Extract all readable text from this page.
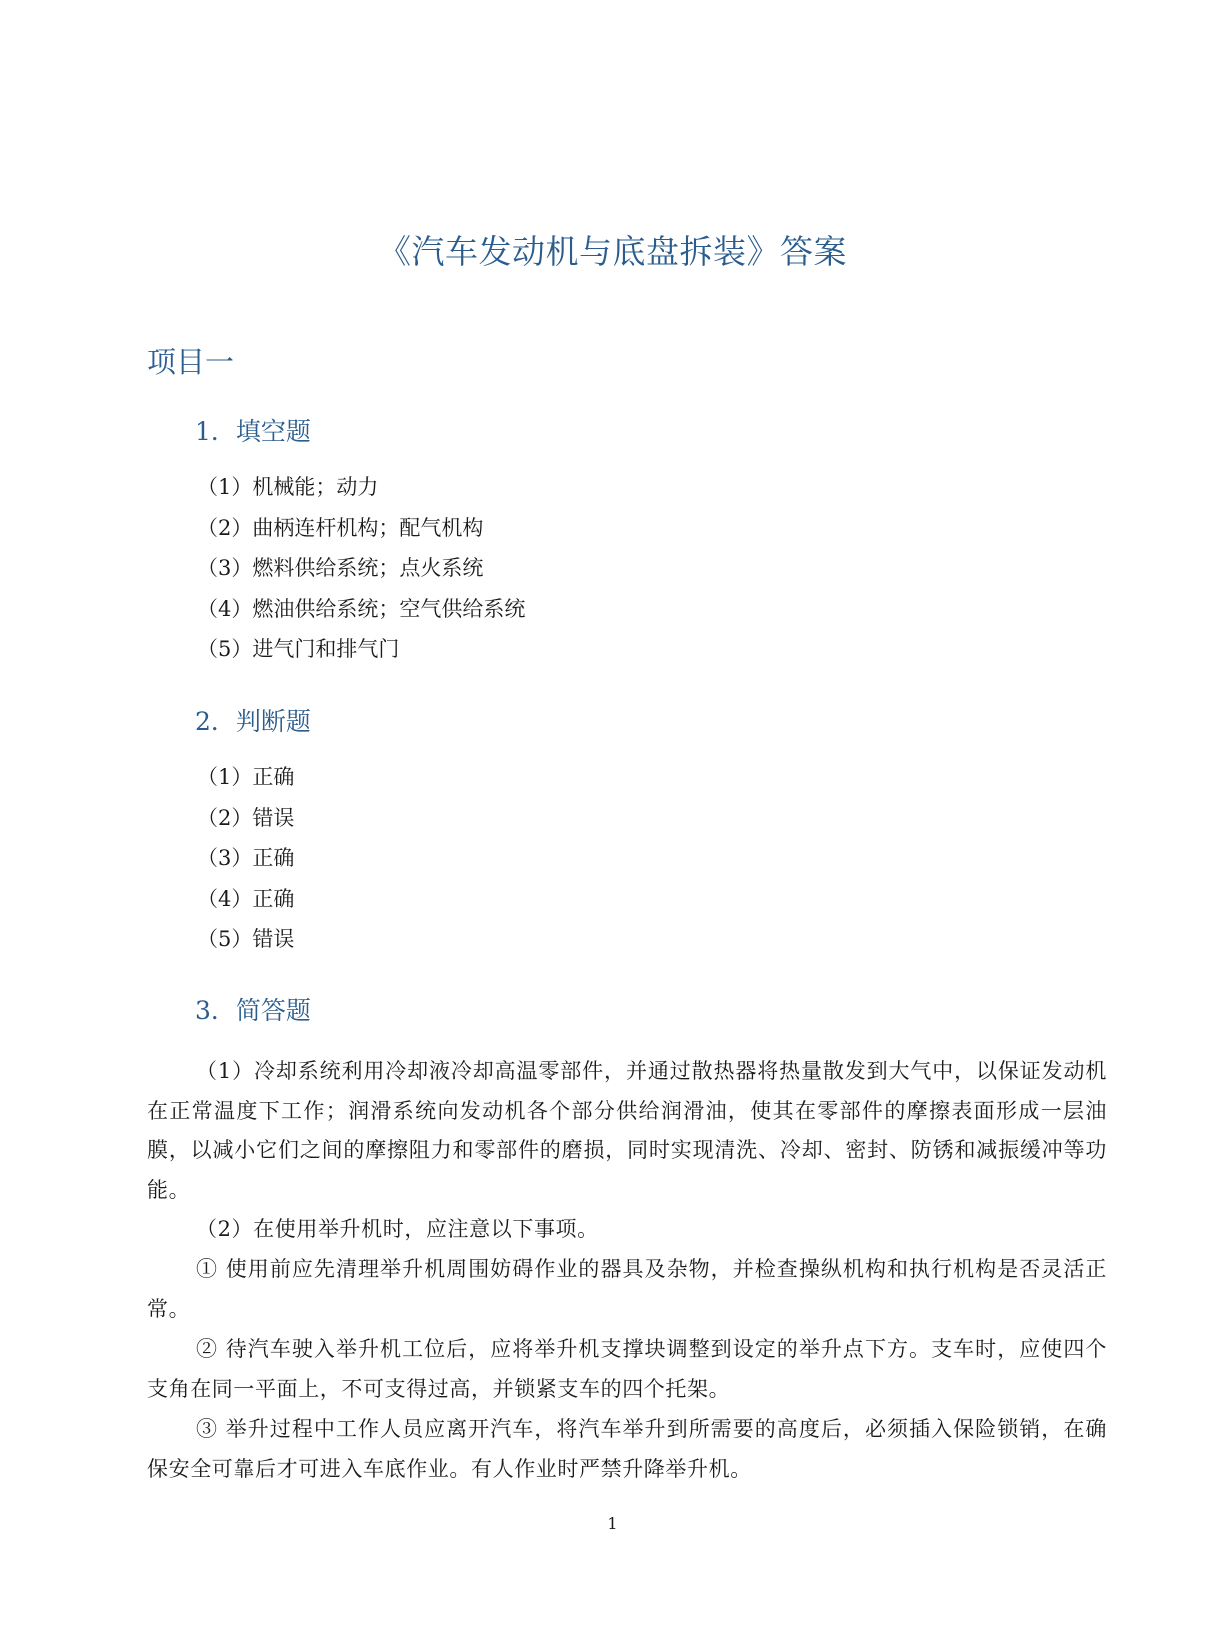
《汽车发动机与底盘拆装》答案
项目一
1．填空题
（1）机械能；动力
（2）曲柄连杆机构；配气机构
（3）燃料供给系统；点火系统
（4）燃油供给系统；空气供给系统
（5）进气门和排气门
2．判断题
（1）正确
（2）错误
（3）正确
（4）正确
（5）错误
3．简答题

（1）冷却系统利用冷却液冷却高温零部件，并通过散热器将热量散发到大气中，以保证发动机在正常温度下工作；润滑系统向发动机各个部分供给润滑油，使其在零部件的摩擦表面形成一层油膜，以减小它们之间的摩擦阻力和零部件的磨损，同时实现清洗、冷却、密封、防锈和减振缓冲等功能。

（2）在使用举升机时，应注意以下事项。

① 使用前应先清理举升机周围妨碍作业的器具及杂物，并检查操纵机构和执行机构是否灵活正常。

② 待汽车驶入举升机工位后，应将举升机支撑块调整到设定的举升点下方。支车时，应使四个支角在同一平面上，不可支得过高，并锁紧支车的四个托架。

③ 举升过程中工作人员应离开汽车，将汽车举升到所需要的高度后，必须插入保险锁销，在确保安全可靠后才可进入车底作业。有人作业时严禁升降举升机。

1
